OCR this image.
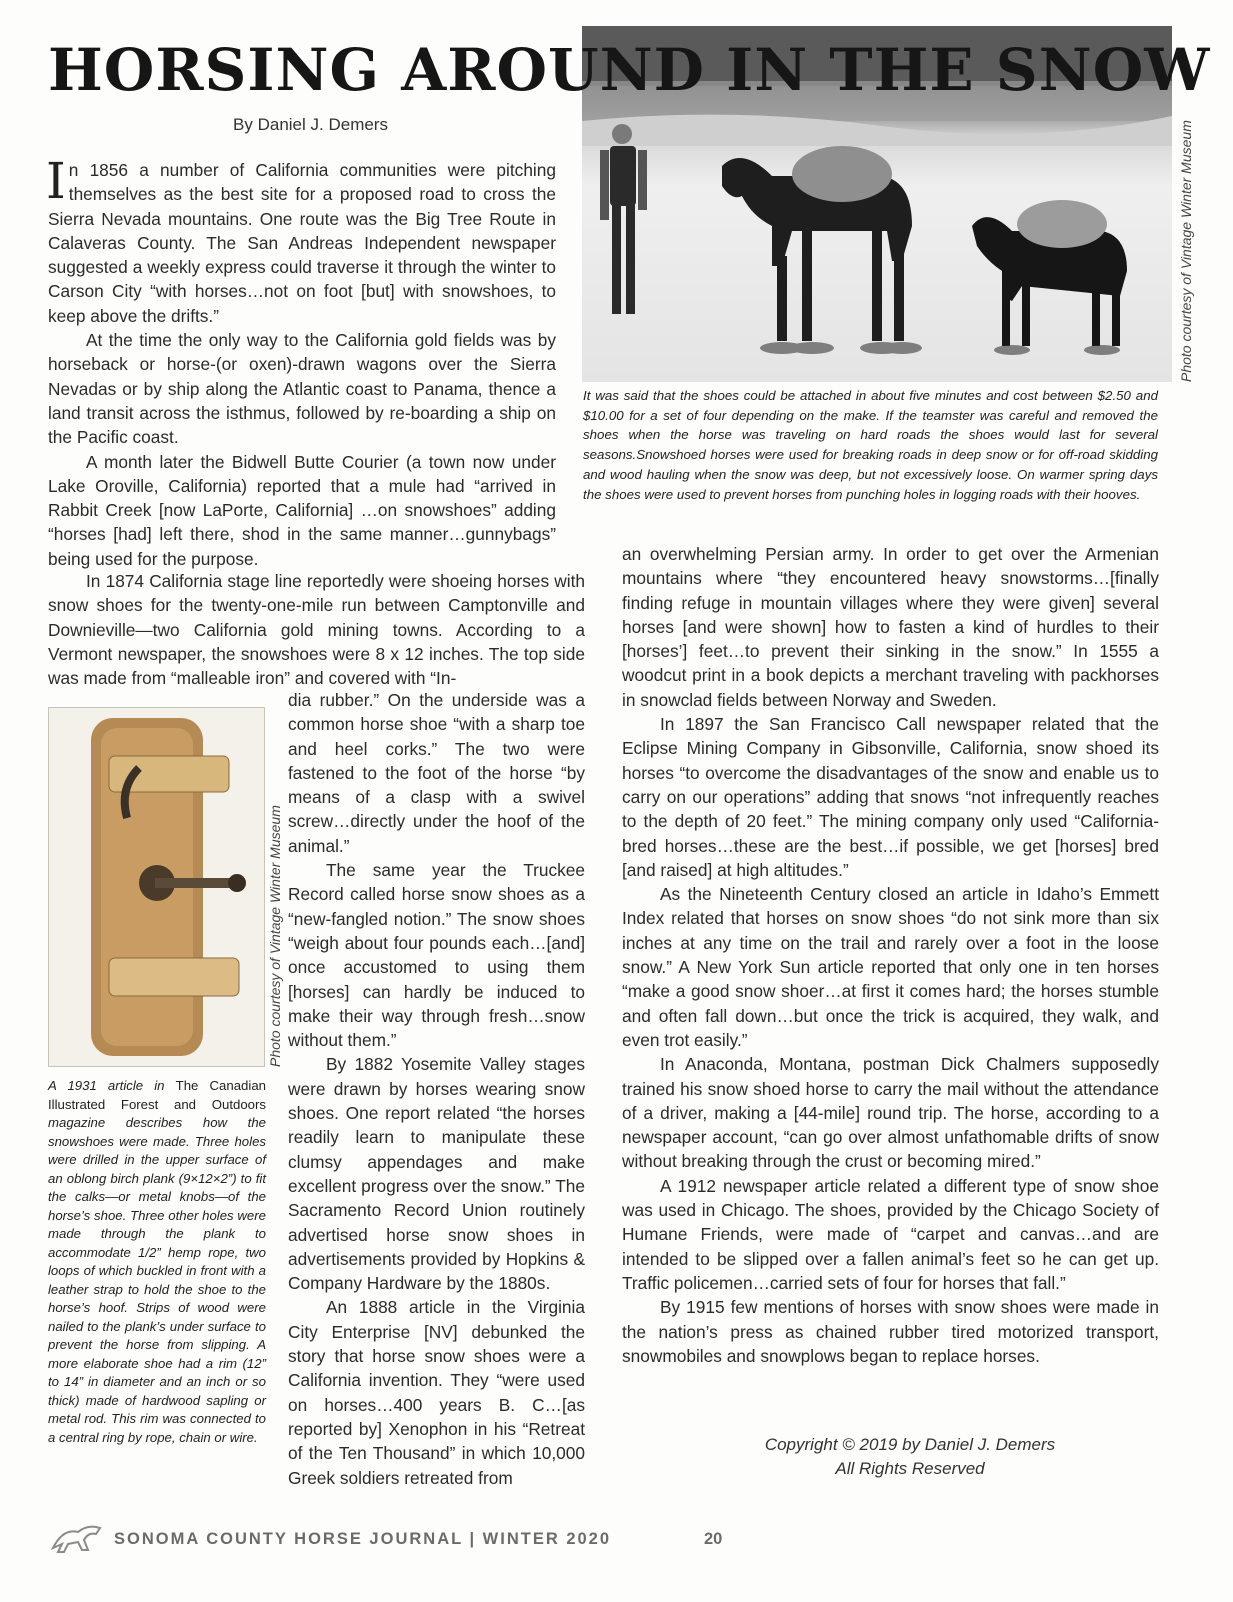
HORSING AROUND IN THE SNOW
Photo courtesy of Vintage Winter Museum
It was said that the shoes could be attached in about five minutes and cost between $2.50 and $10.00 for a set of four depending on the make. If the teamster was careful and removed the shoes when the horse was traveling on hard roads the shoes would last for several seasons.Snowshoed horses were used for breaking roads in deep snow or for off-road skidding and wood hauling when the snow was deep, but not excessively loose. On warmer spring days the shoes were used to prevent horses from punching holes in logging roads with their hooves.
By Daniel J. Demers

In 1856 a number of California communities were pitching themselves as the best site for a proposed road to cross the Sierra Nevada mountains. One route was the Big Tree Route in Calaveras County. The San Andreas Independent newspaper suggested a weekly express could traverse it through the winter to Carson City “with horses…not on foot [but] with snowshoes, to keep above the drifts.”

At the time the only way to the California gold fields was by horseback or horse-(or oxen)-drawn wagons over the Sierra Nevadas or by ship along the Atlantic coast to Panama, thence a land transit across the isthmus, followed by re-boarding a ship on the Pacific coast.

A month later the Bidwell Butte Courier (a town now under Lake Oroville, California) reported that a mule had “arrived in Rabbit Creek [now LaPorte, California] …on snowshoes” adding “horses [had] left there, shod in the same manner…gunnybags” being used for the purpose.

In 1874 California stage line reportedly were shoeing horses with snow shoes for the twenty-one-mile run between Camptonville and Downieville—two California gold mining towns. According to a Vermont newspaper, the snowshoes were 8 x 12 inches. The top side was made from “malleable iron” and covered with “In-

Photo courtesy of Vintage Winter Museum
A 1931 article in The Canadian Illustrated Forest and Outdoors magazine describes how the snowshoes were made. Three holes were drilled in the upper surface of an oblong birch plank (9×12×2”) to fit the calks—or metal knobs—of the horse’s shoe. Three other holes were made through the plank to accommodate 1/2” hemp rope, two loops of which buckled in front with a leather strap to hold the shoe to the horse’s hoof. Strips of wood were nailed to the plank’s under surface to prevent the horse from slipping. A more elaborate shoe had a rim (12” to 14” in diameter and an inch or so thick) made of hardwood sapling or metal rod. This rim was connected to a central ring by rope, chain or wire.

dia rubber.” On the underside was a common horse shoe “with a sharp toe and heel corks.” The two were fastened to the foot of the horse “by means of a clasp with a swivel screw…directly under the hoof of the animal.”

The same year the Truckee Record called horse snow shoes as a “new-fangled notion.” The snow shoes “weigh about four pounds each…[and] once accustomed to using them [horses] can hardly be induced to make their way through fresh…snow without them.”

By 1882 Yosemite Valley stages were drawn by horses wearing snow shoes. One report related “the horses readily learn to manipulate these clumsy appendages and make excellent progress over the snow.” The Sacramento Record Union routinely advertised horse snow shoes in advertisements provided by Hopkins & Company Hardware by the 1880s.

An 1888 article in the Virginia City Enterprise [NV] debunked the story that horse snow shoes were a California invention. They “were used on horses…400 years B. C…[as reported by] Xenophon in his “Retreat of the Ten Thousand” in which 10,000 Greek soldiers retreated from

an overwhelming Persian army. In order to get over the Armenian mountains where “they encountered heavy snowstorms…[finally finding refuge in mountain villages where they were given] several horses [and were shown] how to fasten a kind of hurdles to their [horses’] feet…to prevent their sinking in the snow.” In 1555 a woodcut print in a book depicts a merchant traveling with packhorses in snowclad fields between Norway and Sweden.

In 1897 the San Francisco Call newspaper related that the Eclipse Mining Company in Gibsonville, California, snow shoed its horses “to overcome the disadvantages of the snow and enable us to carry on our operations” adding that snows “not infrequently reaches to the depth of 20 feet.” The mining company only used “California-bred horses…these are the best…if possible, we get [horses] bred [and raised] at high altitudes.”

As the Nineteenth Century closed an article in Idaho’s Emmett Index related that horses on snow shoes “do not sink more than six inches at any time on the trail and rarely over a foot in the loose snow.” A New York Sun article reported that only one in ten horses “make a good snow shoer…at first it comes hard; the horses stumble and often fall down…but once the trick is acquired, they walk, and even trot easily.”

In Anaconda, Montana, postman Dick Chalmers supposedly trained his snow shoed horse to carry the mail without the attendance of a driver, making a [44-mile] round trip. The horse, according to a newspaper account, “can go over almost unfathomable drifts of snow without breaking through the crust or becoming mired.”

A 1912 newspaper article related a different type of snow shoe was used in Chicago. The shoes, provided by the Chicago Society of Humane Friends, were made of “carpet and canvas…and are intended to be slipped over a fallen animal’s feet so he can get up. Traffic policemen…carried sets of four for horses that fall.”

By 1915 few mentions of horses with snow shoes were made in the nation’s press as chained rubber tired motorized transport, snowmobiles and snowplows began to replace horses.

Copyright © 2019 by Daniel J. Demers
All Rights Reserved
SONOMA COUNTY HORSE JOURNAL | WINTER 2020	20
